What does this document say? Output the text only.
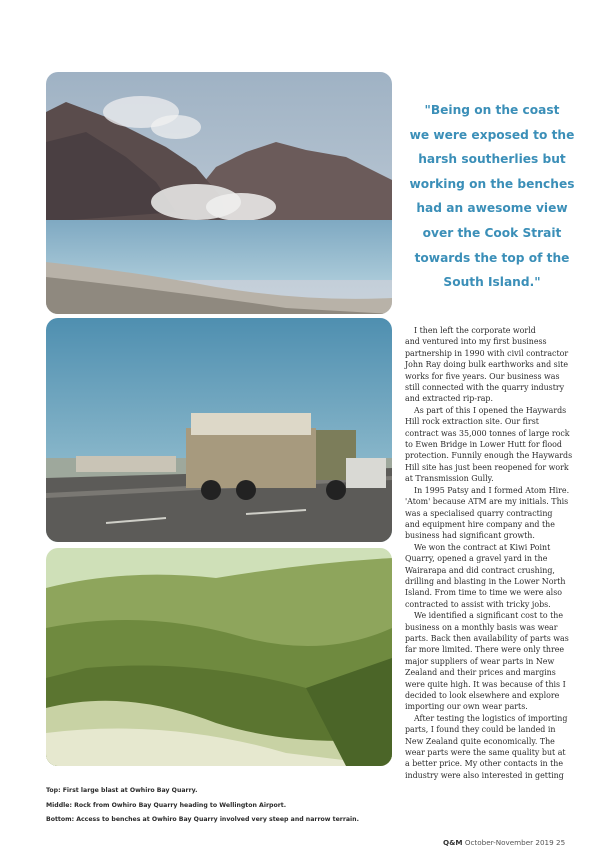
"Being on the coast
we were exposed to the
harsh southerlies but
working on the benches
had an awesome view
over the Cook Strait
towards the top of the
South Island."
I then left the corporate world
and ventured into my first business
partnership in 1990 with civil contractor
John Ray doing bulk earthworks and site
works for five years. Our business was
still connected with the quarry industry
and extracted rip-rap.
As part of this I opened the Haywards
Hill rock extraction site. Our first
contract was 35,000 tonnes of large rock
to Ewen Bridge in Lower Hutt for flood
protection. Funnily enough the Haywards
Hill site has just been reopened for work
at Transmission Gully.
In 1995 Patsy and I formed Atom Hire.
'Atom' because ATM are my initials. This
was a specialised quarry contracting
and equipment hire company and the
business had significant growth.
We won the contract at Kiwi Point
Quarry, opened a gravel yard in the
Wairarapa and did contract crushing,
drilling and blasting in the Lower North
Island. From time to time we were also
contracted to assist with tricky jobs.
We identified a significant cost to the
business on a monthly basis was wear
parts. Back then availability of parts was
far more limited. There were only three
major suppliers of wear parts in New
Zealand and their prices and margins
were quite high. It was because of this I
decided to look elsewhere and explore
importing our own wear parts.
After testing the logistics of importing
parts, I found they could be landed in
New Zealand quite economically. The
wear parts were the same quality but at
a better price. My other contacts in the
industry were also interested in getting
Top: First large blast at Owhiro Bay Quarry.
Middle: Rock from Owhiro Bay Quarry heading to Wellington Airport.
Bottom: Access to benches at Owhiro Bay Quarry involved very steep and narrow terrain.
Q&M October-November 2019 25
